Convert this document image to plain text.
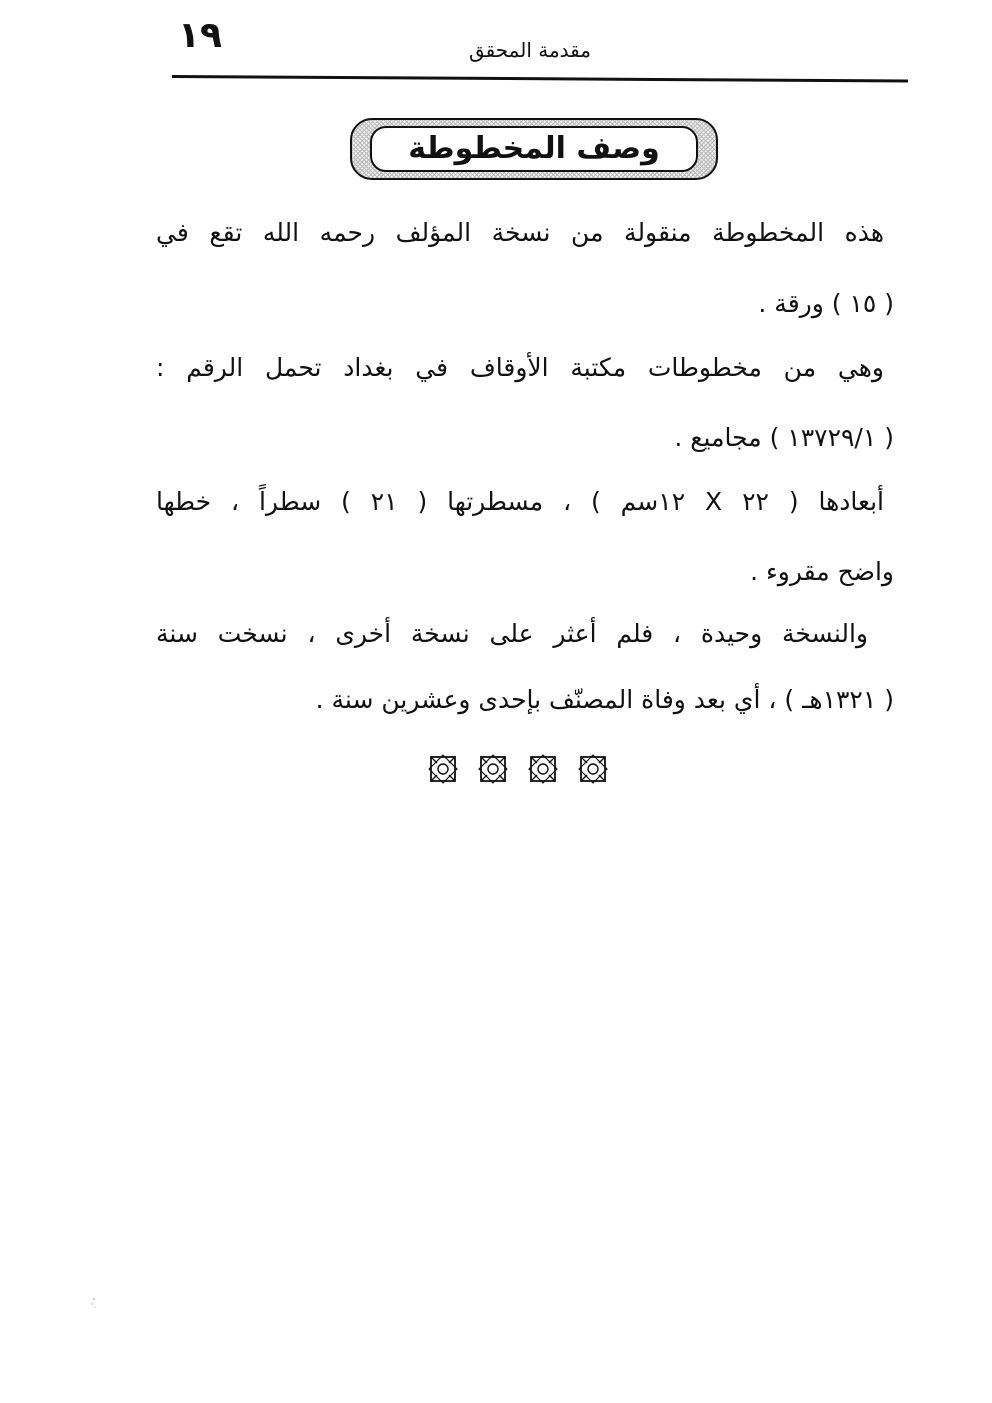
١٩	مقدمة المحقق
وصف المخطوطة
هذه المخطوطة منقولة من نسخة المؤلف رحمه الله تقع في
( ١٥ ) ورقة .
وهي من مخطوطات مكتبة الأوقاف في بغداد تحمل الرقم :
( ١٣٧٢٩/١ ) مجاميع .
أبعادها ( ٢٢ X ١٢سم ) ، مسطرتها ( ٢١ ) سطراً ، خطها
واضح مقروء .
والنسخة وحيدة ، فلم أعثر على نسخة أخرى ، نسخت سنة
( ١٣٢١هـ ) ، أي بعد وفاة المصنّف بإحدى وعشرين سنة .
